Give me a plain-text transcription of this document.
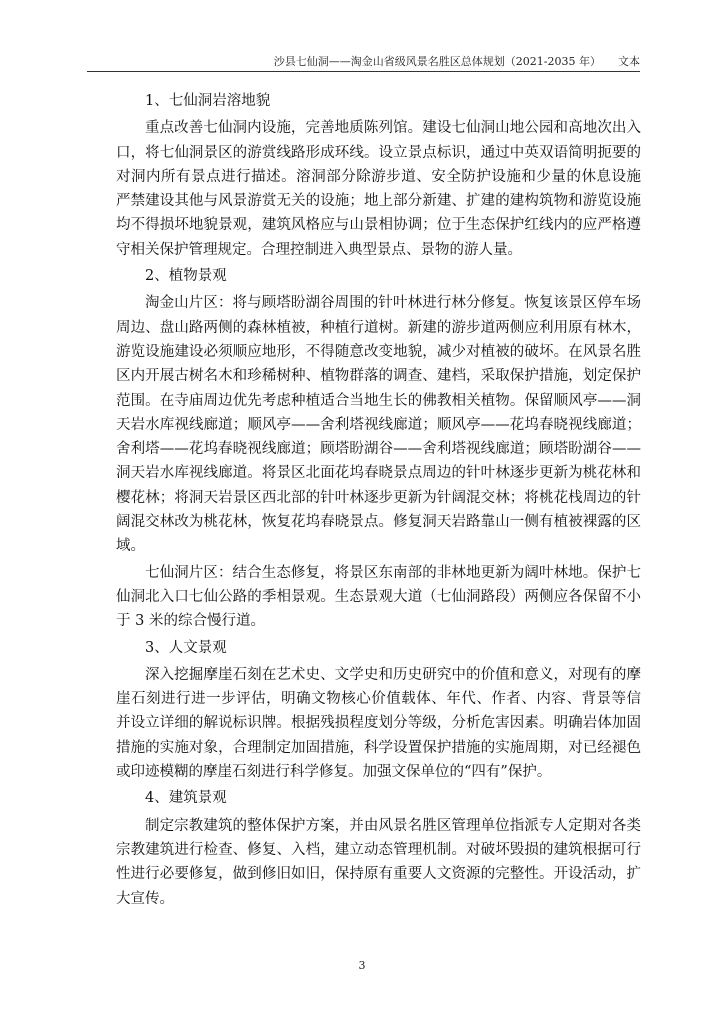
沙县七仙洞——淘金山省级风景名胜区总体规划（2021-2035 年） 文本
1、七仙洞岩溶地貌
重点改善七仙洞内设施，完善地质陈列馆。建设七仙洞山地公园和高地次出入
口，将七仙洞景区的游赏线路形成环线。设立景点标识，通过中英双语简明扼要的
对洞内所有景点进行描述。溶洞部分除游步道、安全防护设施和少量的休息设施
严禁建设其他与风景游赏无关的设施；地上部分新建、扩建的建构筑物和游览设施
均不得损坏地貌景观，建筑风格应与山景相协调；位于生态保护红线内的应严格遵
守相关保护管理规定。合理控制进入典型景点、景物的游人量。
2、植物景观
淘金山片区：将与顾塔盼湖谷周围的针叶林进行林分修复。恢复该景区停车场
周边、盘山路两侧的森林植被，种植行道树。新建的游步道两侧应利用原有林木，
游览设施建设必须顺应地形，不得随意改变地貌，减少对植被的破坏。在风景名胜
区内开展古树名木和珍稀树种、植物群落的调查、建档，采取保护措施，划定保护
范围。在寺庙周边优先考虑种植适合当地生长的佛教相关植物。保留顺风亭——洞
天岩水库视线廊道；顺风亭——舍利塔视线廊道；顺风亭——花坞春晓视线廊道；
舍利塔——花坞春晓视线廊道；顾塔盼湖谷——舍利塔视线廊道；顾塔盼湖谷——
洞天岩水库视线廊道。将景区北面花坞春晓景点周边的针叶林逐步更新为桃花林和
樱花林；将洞天岩景区西北部的针叶林逐步更新为针阔混交林；将桃花栈周边的针
阔混交林改为桃花林，恢复花坞春晓景点。修复洞天岩路靠山一侧有植被裸露的区
域。
七仙洞片区：结合生态修复，将景区东南部的非林地更新为阔叶林地。保护七
仙洞北入口七仙公路的季相景观。生态景观大道（七仙洞路段）两侧应各保留不小
于 3 米的综合慢行道。
3、人文景观
深入挖掘摩崖石刻在艺术史、文学史和历史研究中的价值和意义，对现有的摩
崖石刻进行进一步评估，明确文物核心价值载体、年代、作者、内容、背景等信
并设立详细的解说标识牌。根据残损程度划分等级，分析危害因素。明确岩体加固
措施的实施对象，合理制定加固措施，科学设置保护措施的实施周期，对已经褪色
或印迹模糊的摩崖石刻进行科学修复。加强文保单位的“四有”保护。
4、建筑景观
制定宗教建筑的整体保护方案，并由风景名胜区管理单位指派专人定期对各类
宗教建筑进行检查、修复、入档，建立动态管理机制。对破坏毁损的建筑根据可行
性进行必要修复，做到修旧如旧，保持原有重要人文资源的完整性。开设活动，扩
大宣传。
3
